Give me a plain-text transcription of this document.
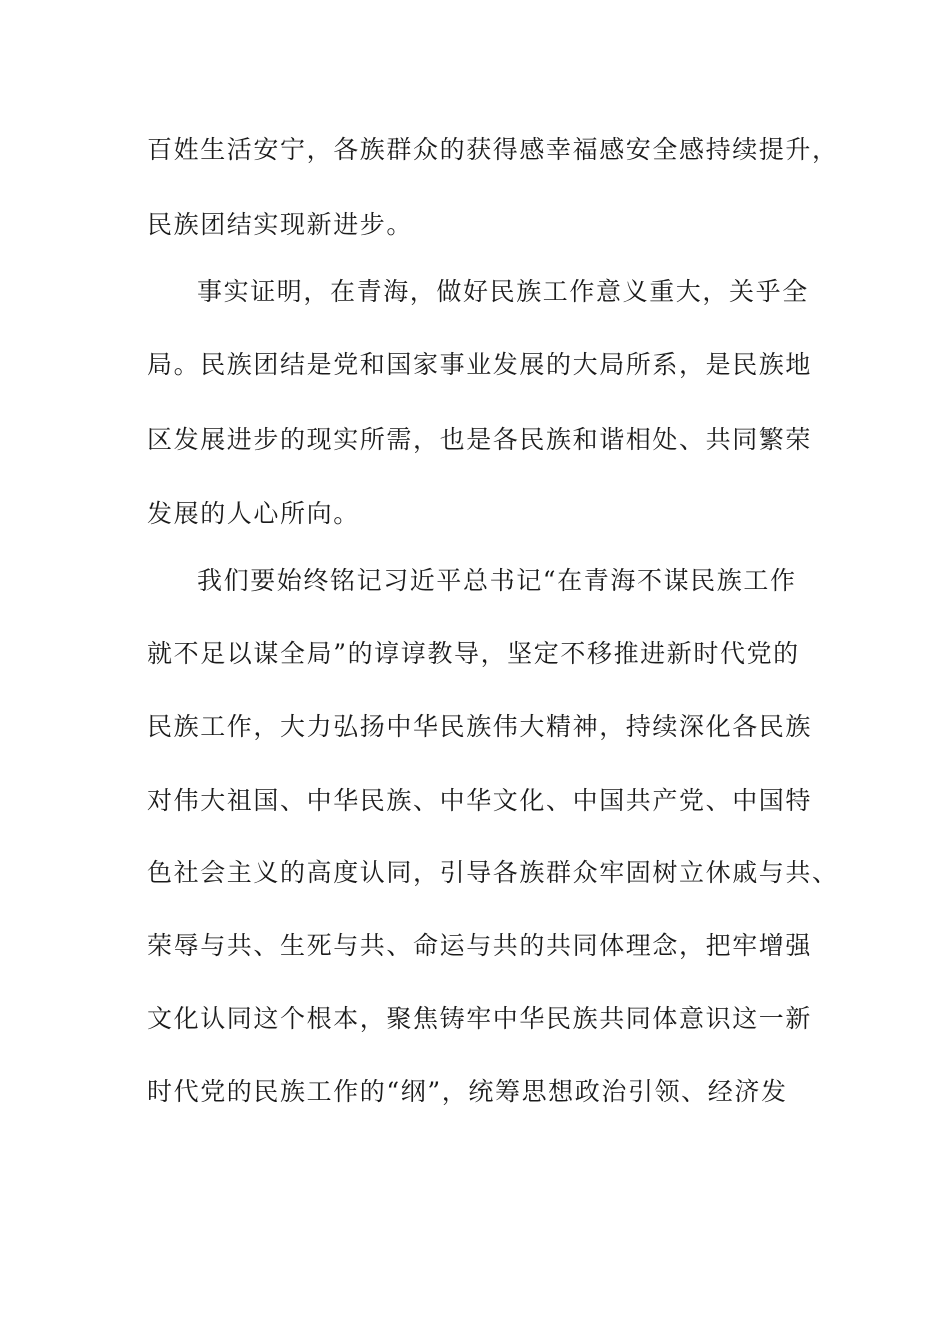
百姓生活安宁，各族群众的获得感幸福感安全感持续提升，
民族团结实现新进步。
事实证明，在青海，做好民族工作意义重大，关乎全
局。民族团结是党和国家事业发展的大局所系，是民族地
区发展进步的现实所需，也是各民族和谐相处、共同繁荣
发展的人心所向。
我们要始终铭记习近平总书记“在青海不谋民族工作
就不足以谋全局”的谆谆教导，坚定不移推进新时代党的
民族工作，大力弘扬中华民族伟大精神，持续深化各民族
对伟大祖国、中华民族、中华文化、中国共产党、中国特
色社会主义的高度认同，引导各族群众牢固树立休戚与共、
荣辱与共、生死与共、命运与共的共同体理念，把牢增强
文化认同这个根本，聚焦铸牢中华民族共同体意识这一新
时代党的民族工作的“纲”，统筹思想政治引领、经济发
